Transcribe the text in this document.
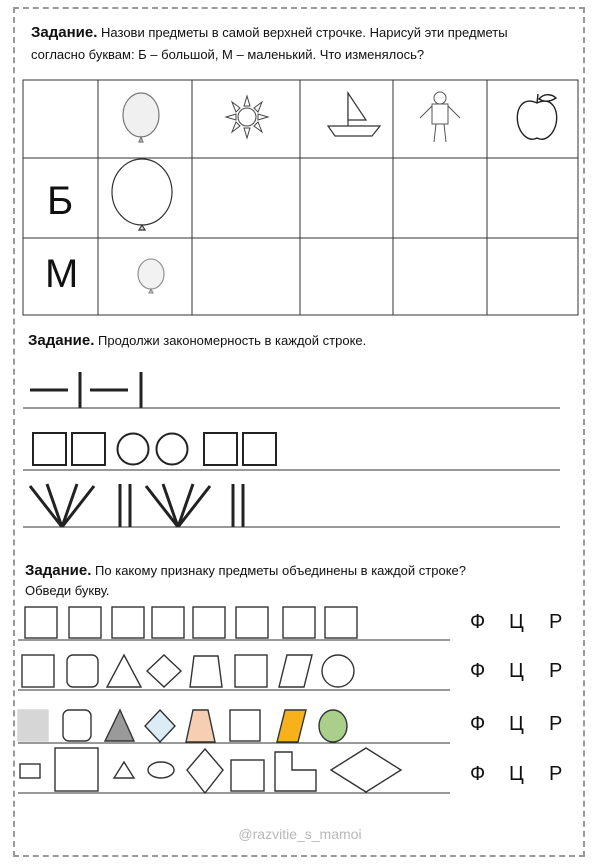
Задание. Назови предметы в самой верхней строчке. Нарисуй эти предметы
согласно буквам: Б – большой, М – маленький. Что изменялось?
Б
М
Задание. Продолжи закономерность в каждой строке.
Задание. По какому признаку предметы объединены в каждой строке?
Обведи букву.
Ф Ц Р
Ф Ц Р
Ф Ц Р
Ф Ц Р
@razvitie_s_mamoi
